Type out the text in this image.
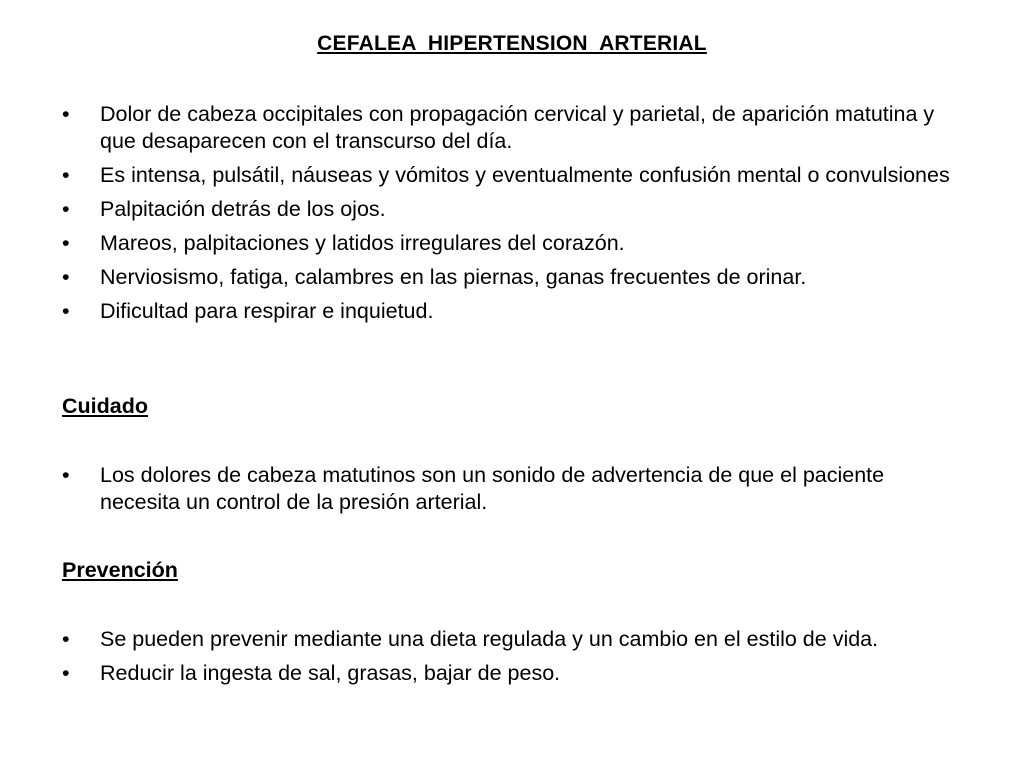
CEFALEA  HIPERTENSION  ARTERIAL
•	Dolor de cabeza occipitales con propagación cervical y parietal, de aparición matutina y que desaparecen con el transcurso del día.
•	Es intensa, pulsátil, náuseas y vómitos y eventualmente confusión mental o convulsiones
•	Palpitación detrás de los ojos.
•	Mareos, palpitaciones y latidos irregulares del corazón.
•	Nerviosismo, fatiga, calambres en las piernas, ganas frecuentes de orinar.
•	Dificultad para respirar e inquietud.
Cuidado
•	Los dolores de cabeza matutinos son un sonido de advertencia de que el paciente necesita un control de la presión arterial.
Prevención
•	Se pueden prevenir mediante una dieta regulada y un cambio en el estilo de vida.
•	Reducir la ingesta de sal, grasas, bajar de peso.
